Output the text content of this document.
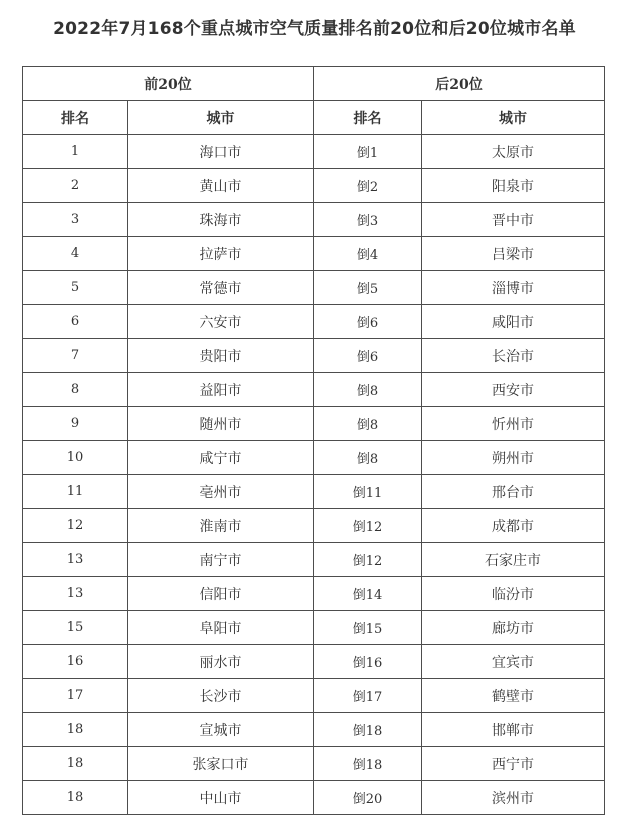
2022年7月168个重点城市空气质量排名前20位和后20位城市名单
前20位		后20位	
排名	城市	排名	城市
1	海口市	倒1	太原市
2	黄山市	倒2	阳泉市
3	珠海市	倒3	晋中市
4	拉萨市	倒4	吕梁市
5	常德市	倒5	淄博市
6	六安市	倒6	咸阳市
7	贵阳市	倒6	长治市
8	益阳市	倒8	西安市
9	随州市	倒8	忻州市
10	咸宁市	倒8	朔州市
11	亳州市	倒11	邢台市
12	淮南市	倒12	成都市
13	南宁市	倒12	石家庄市
13	信阳市	倒14	临汾市
15	阜阳市	倒15	廊坊市
16	丽水市	倒16	宜宾市
17	长沙市	倒17	鹤壁市
18	宣城市	倒18	邯郸市
18	张家口市	倒18	西宁市
18	中山市	倒20	滨州市
